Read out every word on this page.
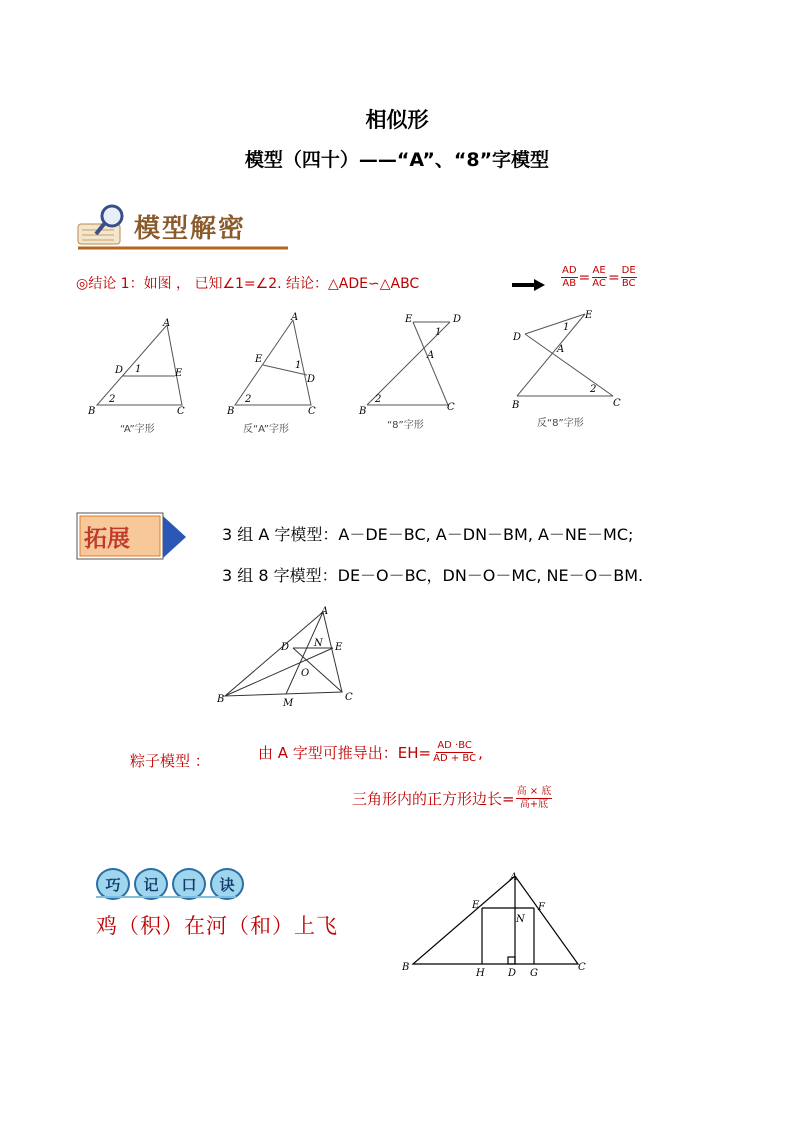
相似形
模型（四十）——“A”、“8”字模型
模型解密
◎结论 1：如图 ， 已知∠1=∠2. 结论：△ADE∽△ABC	$\frac{AD}{AB} = \frac{AE}{AC} = \frac{DE}{BC}$
A
B	C
D	E
1
2
“A”字形
A
B	C
E
D
1
2
反“A”字形
E	D
A
B	C
1
2
“8”字形
D
E
A
B	C
1
2
反“8”字形
拓展	3 组 A 字模型：A－DE－BC, A－DN－BM, A－NE－MC;
3 组 8 字模型：DE－O－BC，DN－O－MC, NE－O－BM.
A
B	C
D	E
N
O
M
粽子模型 ：	由 A 字型可推导出：$EH= \frac{AD \cdot BC}{AD + BC}$ ,
三角形内的正方形边长= $\frac{\text{高 × 底}}{\text{高+底}}$
巧	记	口	诀
鸡（积）在河（和）上飞
A
B	C
E	F
N
H D G
